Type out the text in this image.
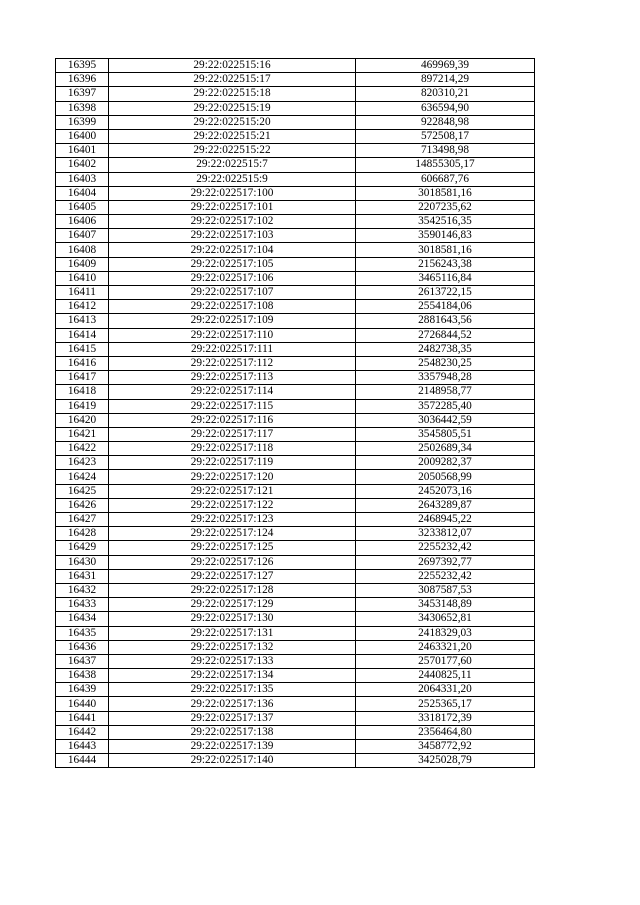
16395	29:22:022515:16	469969,39
16396	29:22:022515:17	897214,29
16397	29:22:022515:18	820310,21
16398	29:22:022515:19	636594,90
16399	29:22:022515:20	922848,98
16400	29:22:022515:21	572508,17
16401	29:22:022515:22	713498,98
16402	29:22:022515:7	14855305,17
16403	29:22:022515:9	606687,76
16404	29:22:022517:100	3018581,16
16405	29:22:022517:101	2207235,62
16406	29:22:022517:102	3542516,35
16407	29:22:022517:103	3590146,83
16408	29:22:022517:104	3018581,16
16409	29:22:022517:105	2156243,38
16410	29:22:022517:106	3465116,84
16411	29:22:022517:107	2613722,15
16412	29:22:022517:108	2554184,06
16413	29:22:022517:109	2881643,56
16414	29:22:022517:110	2726844,52
16415	29:22:022517:111	2482738,35
16416	29:22:022517:112	2548230,25
16417	29:22:022517:113	3357948,28
16418	29:22:022517:114	2148958,77
16419	29:22:022517:115	3572285,40
16420	29:22:022517:116	3036442,59
16421	29:22:022517:117	3545805,51
16422	29:22:022517:118	2502689,34
16423	29:22:022517:119	2009282,37
16424	29:22:022517:120	2050568,99
16425	29:22:022517:121	2452073,16
16426	29:22:022517:122	2643289,87
16427	29:22:022517:123	2468945,22
16428	29:22:022517:124	3233812,07
16429	29:22:022517:125	2255232,42
16430	29:22:022517:126	2697392,77
16431	29:22:022517:127	2255232,42
16432	29:22:022517:128	3087587,53
16433	29:22:022517:129	3453148,89
16434	29:22:022517:130	3430652,81
16435	29:22:022517:131	2418329,03
16436	29:22:022517:132	2463321,20
16437	29:22:022517:133	2570177,60
16438	29:22:022517:134	2440825,11
16439	29:22:022517:135	2064331,20
16440	29:22:022517:136	2525365,17
16441	29:22:022517:137	3318172,39
16442	29:22:022517:138	2356464,80
16443	29:22:022517:139	3458772,92
16444	29:22:022517:140	3425028,79
